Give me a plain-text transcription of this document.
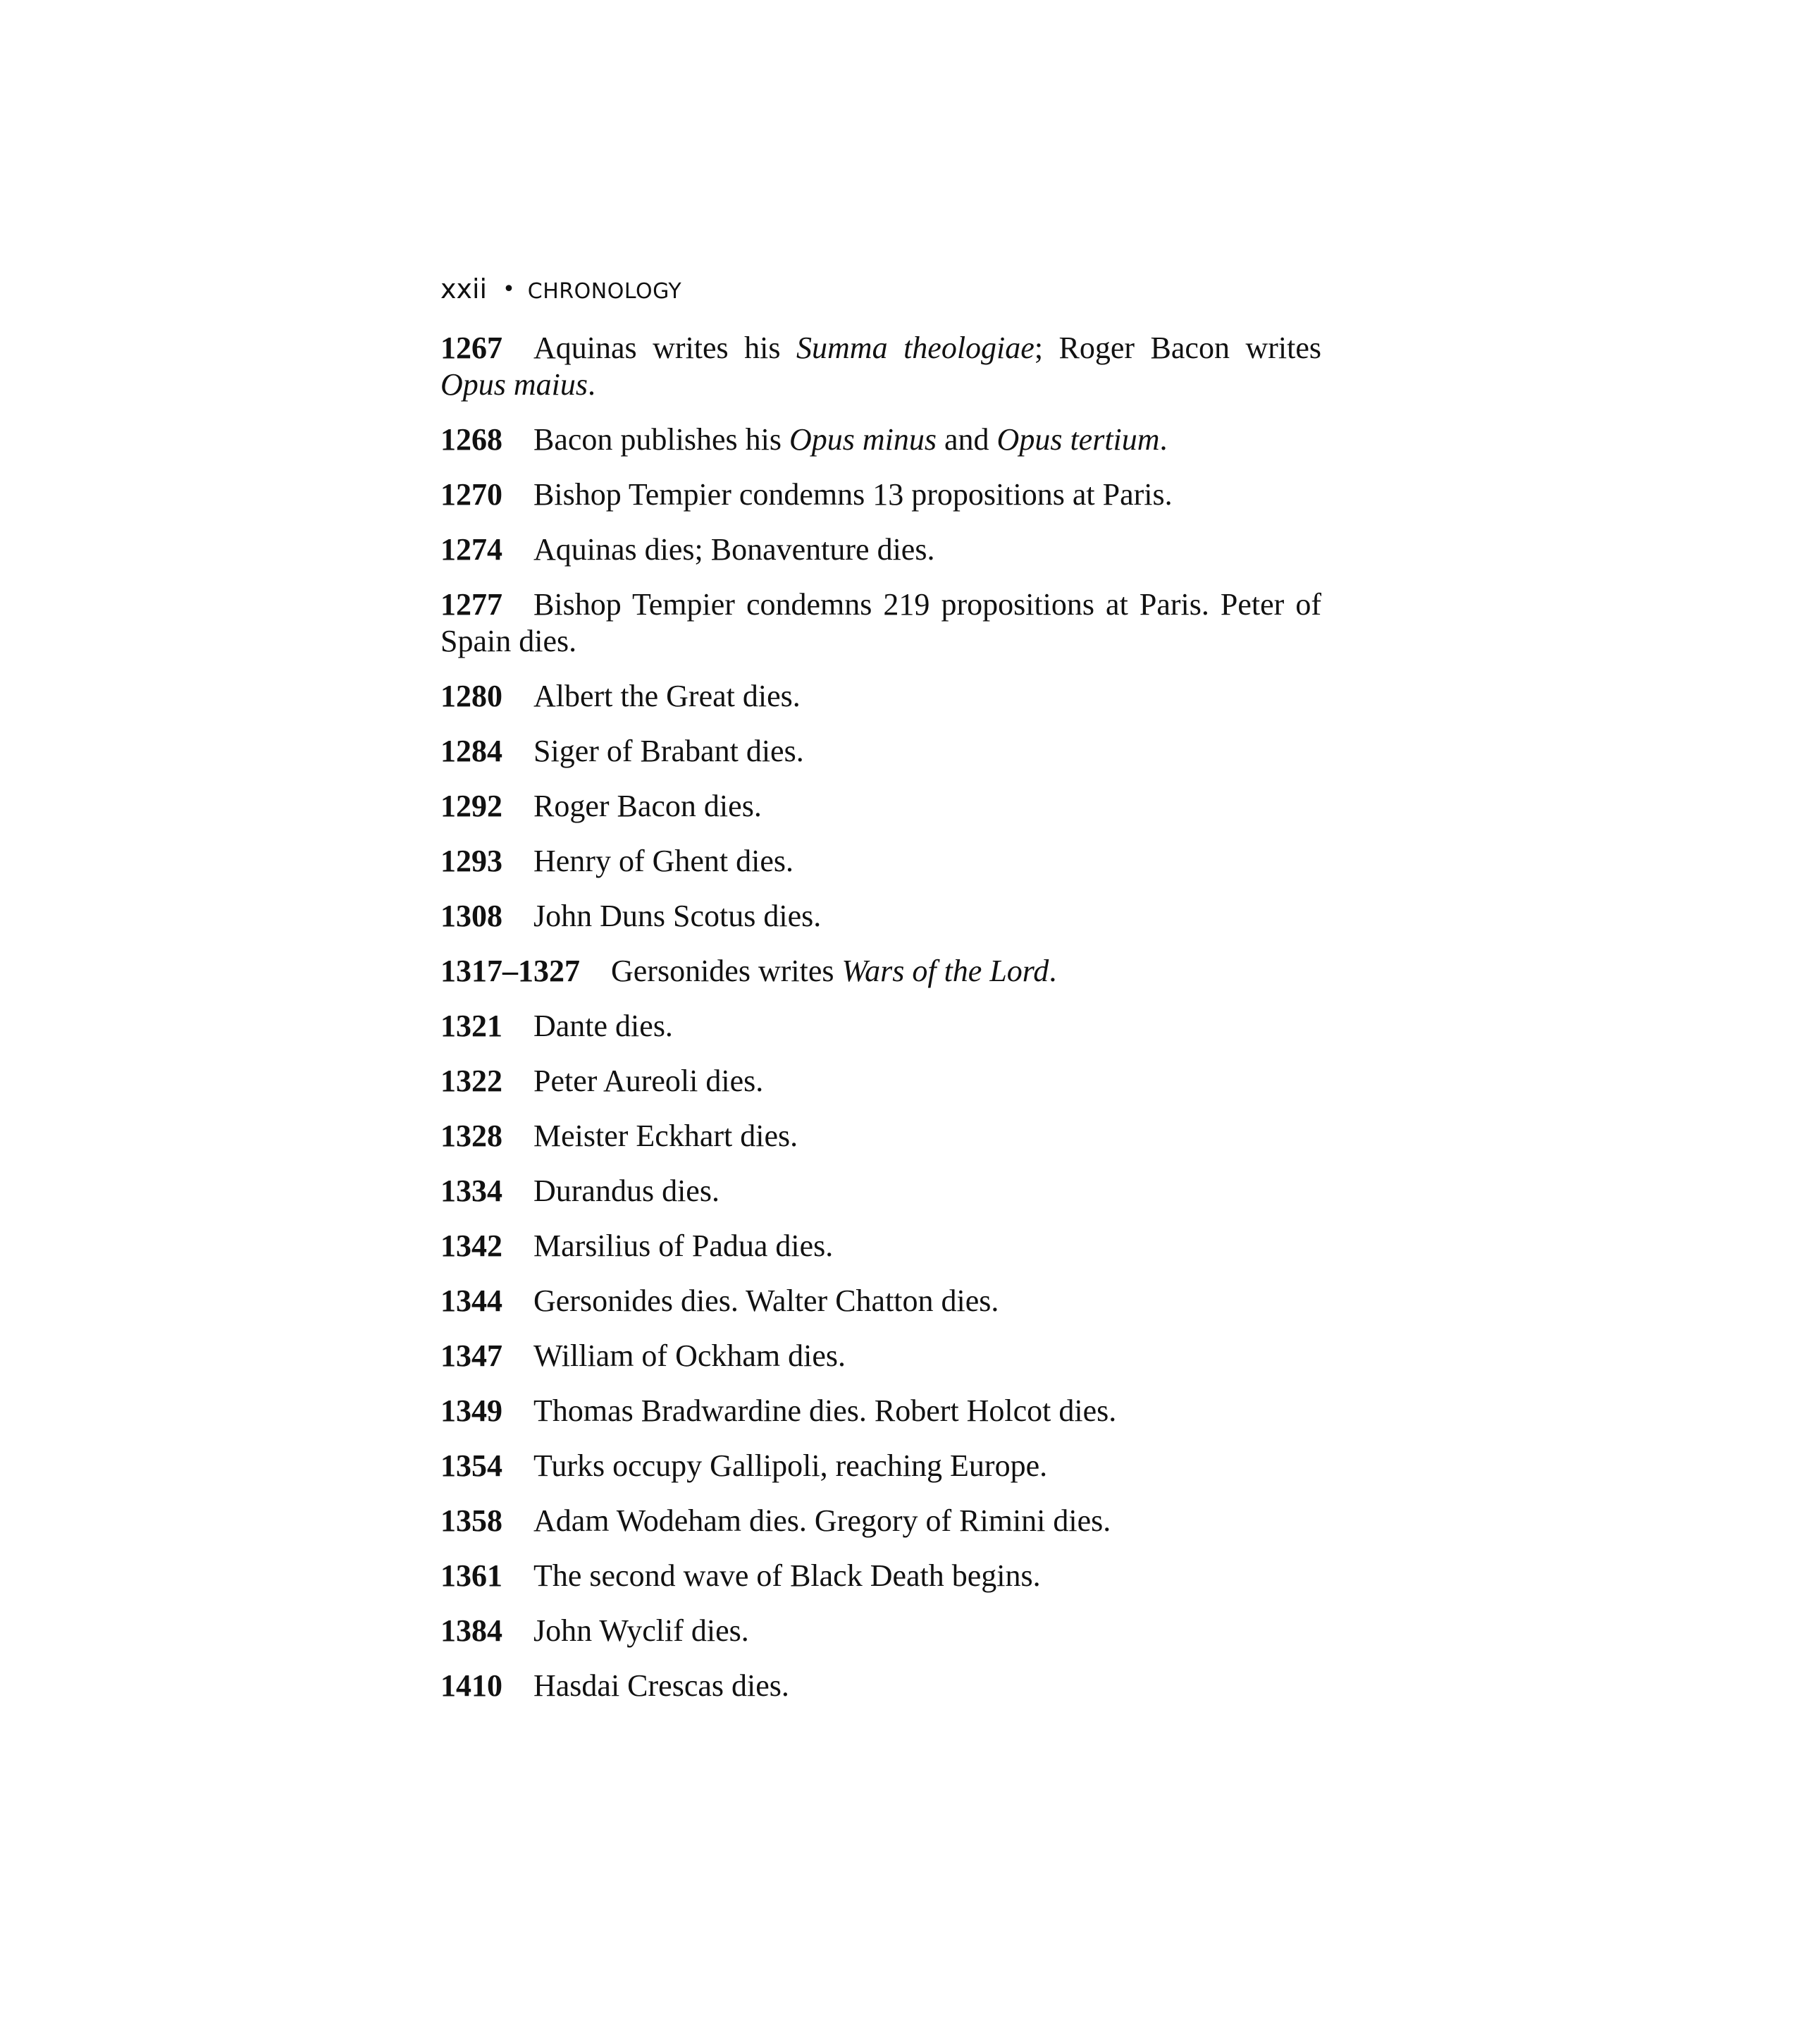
xxii • CHRONOLOGY

1267 Aquinas writes his Summa theologiae; Roger Bacon writes Opus maius.

1268 Bacon publishes his Opus minus and Opus tertium.

1270 Bishop Tempier condemns 13 propositions at Paris.

1274 Aquinas dies; Bonaventure dies.

1277 Bishop Tempier condemns 219 propositions at Paris. Peter of Spain dies.

1280 Albert the Great dies.

1284 Siger of Brabant dies.

1292 Roger Bacon dies.

1293 Henry of Ghent dies.

1308 John Duns Scotus dies.

1317–1327 Gersonides writes Wars of the Lord.

1321 Dante dies.

1322 Peter Aureoli dies.

1328 Meister Eckhart dies.

1334 Durandus dies.

1342 Marsilius of Padua dies.

1344 Gersonides dies. Walter Chatton dies.

1347 William of Ockham dies.

1349 Thomas Bradwardine dies. Robert Holcot dies.

1354 Turks occupy Gallipoli, reaching Europe.

1358 Adam Wodeham dies. Gregory of Rimini dies.

1361 The second wave of Black Death begins.

1384 John Wyclif dies.

1410 Hasdai Crescas dies.
